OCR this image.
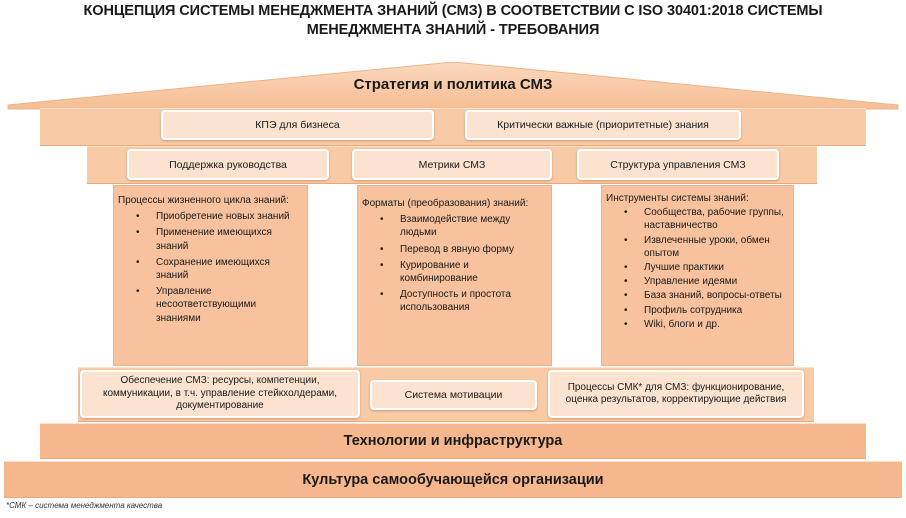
КОНЦЕПЦИЯ СИСТЕМЫ МЕНЕДЖМЕНТА ЗНАНИЙ (СМЗ) В СООТВЕТСТВИИ С ISO 30401:2018 СИСТЕМЫ
МЕНЕДЖМЕНТА ЗНАНИЙ - ТРЕБОВАНИЯ
Стратегия и политика СМЗ
КПЭ для бизнеса	Критически важные (приоритетные) знания
Поддержка руководства	Метрики СМЗ	Структура управления СМЗ
Процессы жизненного цикла знаний:
• Приобретение новых знаний
• Применение имеющихся знаний
• Сохранение имеющихся знаний
• Управление несоответствующими знаниями
Форматы (преобразования) знаний:
• Взаимодействие между людьми
• Перевод в явную форму
• Курирование и комбинирование
• Доступность и простота использования
Инструменты системы знаний:
• Сообщества, рабочие группы, наставничество
• Извлеченные уроки, обмен опытом
• Лучшие практики
• Управление идеями
• База знаний, вопросы-ответы
• Профиль сотрудника
• Wiki, блоги и др.
Обеспечение СМЗ: ресурсы, компетенции, коммуникации, в т.ч. управление стейкхолдерами, документирование
Система мотивации
Процессы СМК* для СМЗ: функционирование, оценка результатов, корректирующие действия
Технологии и инфраструктура
Культура самообучающейся организации
*СМК – система менеджмента качества
